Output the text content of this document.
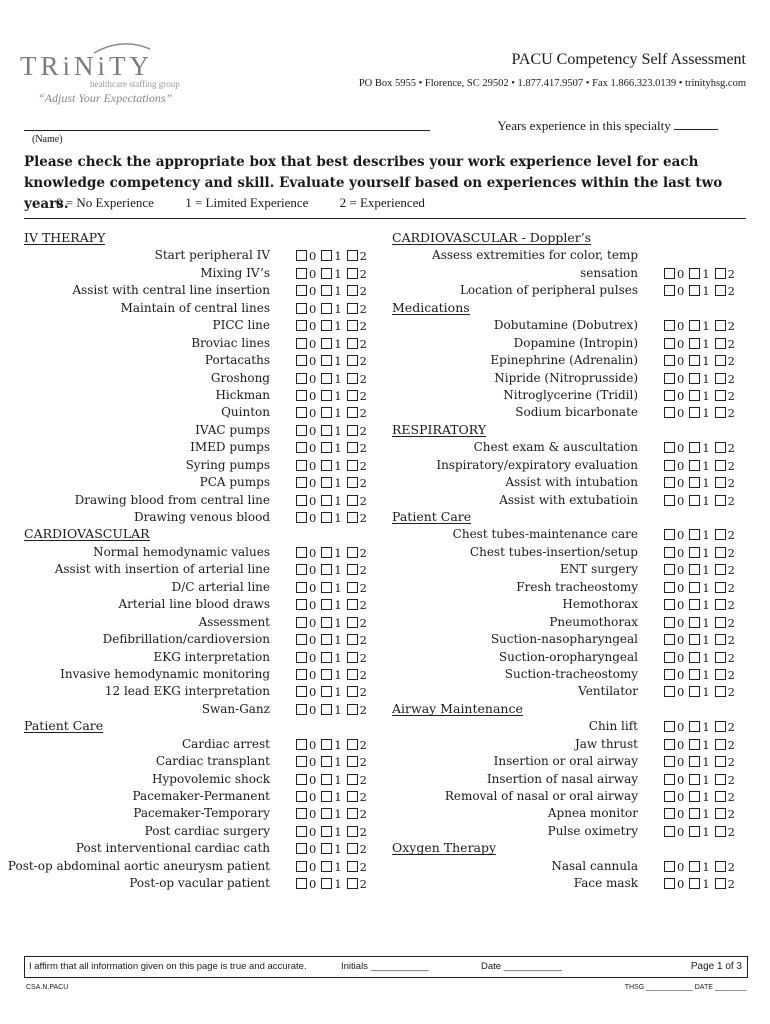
TRiNiTY
healthcare staffing group
“Adjust Your Expectations”
PACU Competency Self Assessment
PO Box 5955 • Florence, SC 29502 • 1.877.417.9507 • Fax 1.866.323.0139 • trinityhsg.com
(Name)
Years experience in this specialty
Please check the appropriate box that best describes your work experience level for each knowledge competency and skill. Evaluate yourself based on experiences within the last two years.
0 = No Experience 1 = Limited Experience 2 = Experienced
IV THERAPY
Start peripheral IV	0 1 2
Mixing IV’s	0 1 2
Assist with central line insertion	0 1 2
Maintain of central lines	0 1 2
PICC line	0 1 2
Broviac lines	0 1 2
Portacaths	0 1 2
Groshong	0 1 2
Hickman	0 1 2
Quinton	0 1 2
IVAC pumps	0 1 2
IMED pumps	0 1 2
Syring pumps	0 1 2
PCA pumps	0 1 2
Drawing blood from central line	0 1 2
Drawing venous blood	0 1 2
CARDIOVASCULAR
Normal hemodynamic values	0 1 2
Assist with insertion of arterial line	0 1 2
D/C arterial line	0 1 2
Arterial line blood draws	0 1 2
Assessment	0 1 2
Defibrillation/cardioversion	0 1 2
EKG interpretation	0 1 2
Invasive hemodynamic monitoring	0 1 2
12 lead EKG interpretation	0 1 2
Swan-Ganz	0 1 2
Patient Care
Cardiac arrest	0 1 2
Cardiac transplant	0 1 2
Hypovolemic shock	0 1 2
Pacemaker-Permanent	0 1 2
Pacemaker-Temporary	0 1 2
Post cardiac surgery	0 1 2
Post interventional cardiac cath	0 1 2
Post-op abdominal aortic aneurysm patient	0 1 2
Post-op vacular patient	0 1 2
CARDIOVASCULAR - Doppler’s
Assess extremities for color, temp
sensation	0 1 2
Location of peripheral pulses	0 1 2
Medications
Dobutamine (Dobutrex)	0 1 2
Dopamine (Intropin)	0 1 2
Epinephrine (Adrenalin)	0 1 2
Nipride (Nitroprusside)	0 1 2
Nitroglycerine (Tridil)	0 1 2
Sodium bicarbonate	0 1 2
RESPIRATORY
Chest exam & auscultation	0 1 2
Inspiratory/expiratory evaluation	0 1 2
Assist with intubation	0 1 2
Assist with extubatioin	0 1 2
Patient Care
Chest tubes-maintenance care	0 1 2
Chest tubes-insertion/setup	0 1 2
ENT surgery	0 1 2
Fresh tracheostomy	0 1 2
Hemothorax	0 1 2
Pneumothorax	0 1 2
Suction-nasopharyngeal	0 1 2
Suction-oropharyngeal	0 1 2
Suction-tracheostomy	0 1 2
Ventilator	0 1 2
Airway Maintenance
Chin lift	0 1 2
Jaw thrust	0 1 2
Insertion or oral airway	0 1 2
Insertion of nasal airway	0 1 2
Removal of nasal or oral airway	0 1 2
Apnea monitor	0 1 2
Pulse oximetry	0 1 2
Oxygen Therapy
Nasal cannula	0 1 2
Face mask	0 1 2
I affirm that all information given on this page is true and accurate.	Initials ___________	Date ___________	Page 1 of 3
CSA.N.PACU	THSG ____________ DATE ________
